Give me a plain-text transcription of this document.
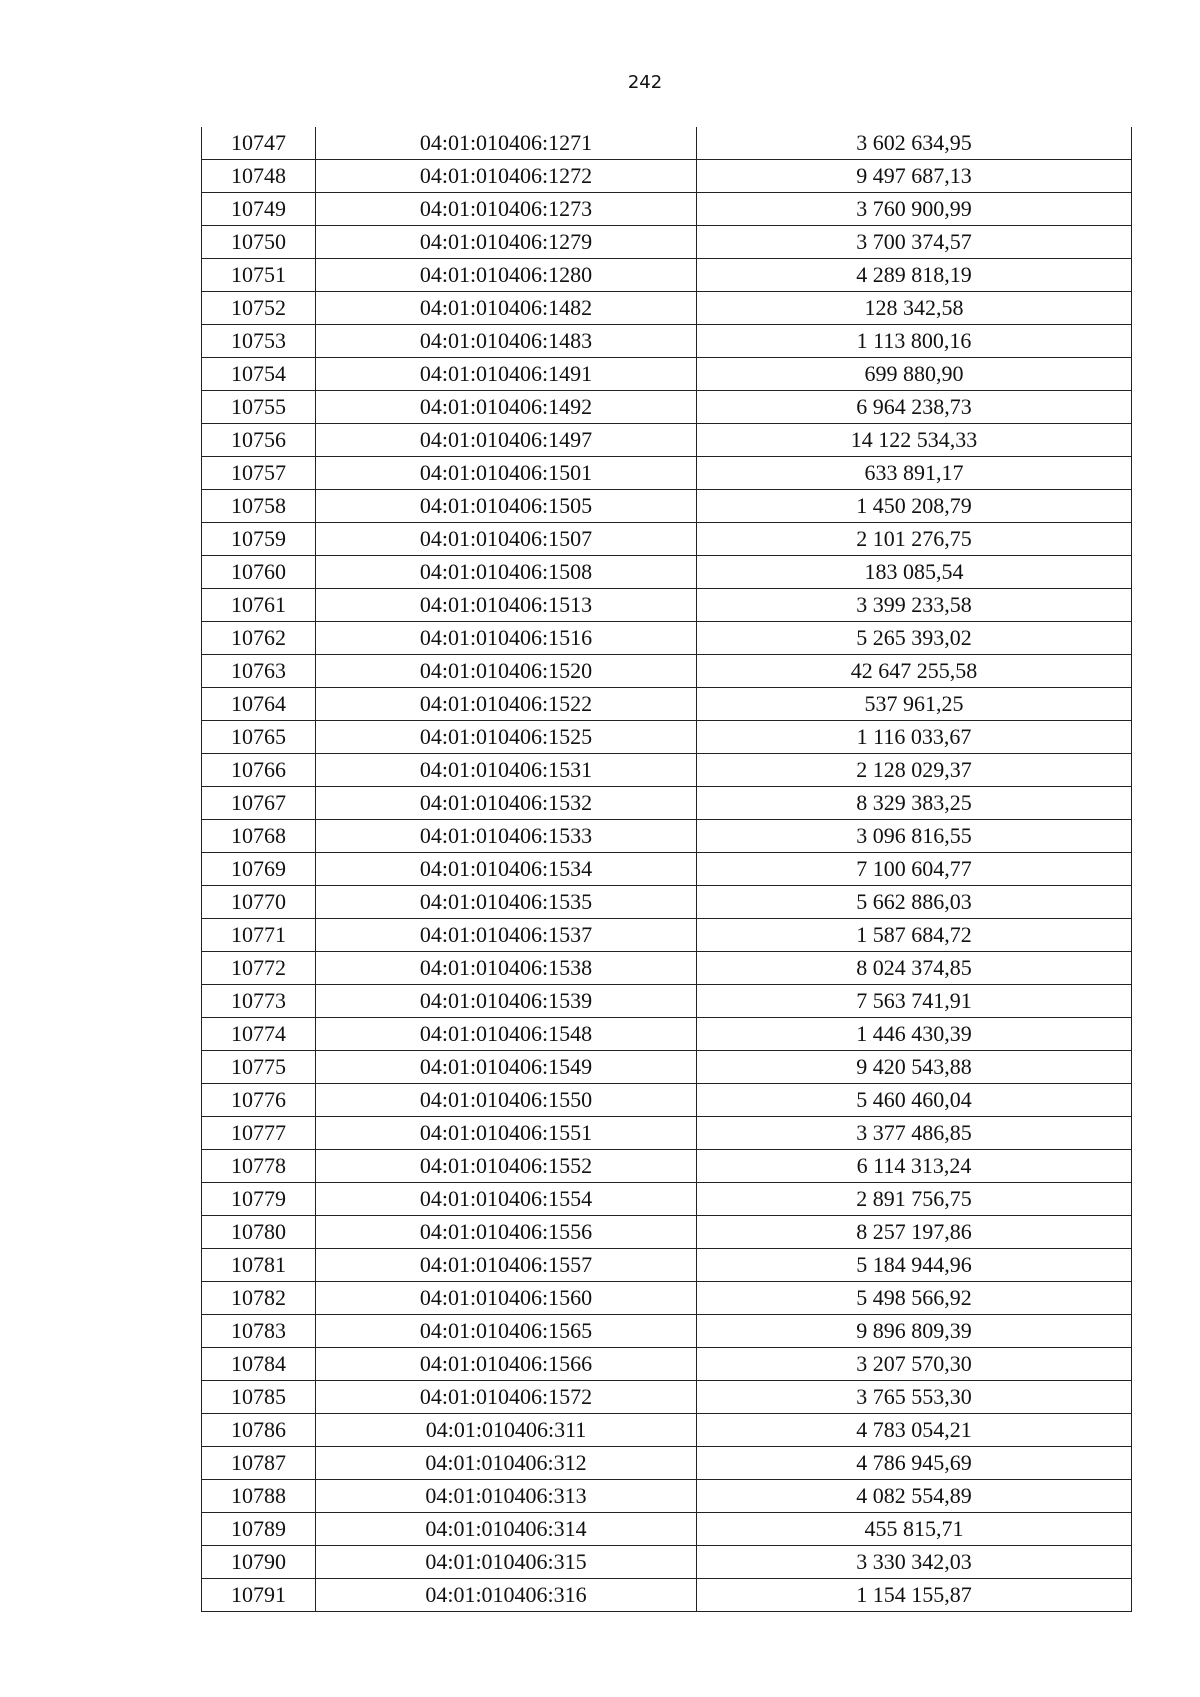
242
10747	04:01:010406:1271	3 602 634,95
10748	04:01:010406:1272	9 497 687,13
10749	04:01:010406:1273	3 760 900,99
10750	04:01:010406:1279	3 700 374,57
10751	04:01:010406:1280	4 289 818,19
10752	04:01:010406:1482	128 342,58
10753	04:01:010406:1483	1 113 800,16
10754	04:01:010406:1491	699 880,90
10755	04:01:010406:1492	6 964 238,73
10756	04:01:010406:1497	14 122 534,33
10757	04:01:010406:1501	633 891,17
10758	04:01:010406:1505	1 450 208,79
10759	04:01:010406:1507	2 101 276,75
10760	04:01:010406:1508	183 085,54
10761	04:01:010406:1513	3 399 233,58
10762	04:01:010406:1516	5 265 393,02
10763	04:01:010406:1520	42 647 255,58
10764	04:01:010406:1522	537 961,25
10765	04:01:010406:1525	1 116 033,67
10766	04:01:010406:1531	2 128 029,37
10767	04:01:010406:1532	8 329 383,25
10768	04:01:010406:1533	3 096 816,55
10769	04:01:010406:1534	7 100 604,77
10770	04:01:010406:1535	5 662 886,03
10771	04:01:010406:1537	1 587 684,72
10772	04:01:010406:1538	8 024 374,85
10773	04:01:010406:1539	7 563 741,91
10774	04:01:010406:1548	1 446 430,39
10775	04:01:010406:1549	9 420 543,88
10776	04:01:010406:1550	5 460 460,04
10777	04:01:010406:1551	3 377 486,85
10778	04:01:010406:1552	6 114 313,24
10779	04:01:010406:1554	2 891 756,75
10780	04:01:010406:1556	8 257 197,86
10781	04:01:010406:1557	5 184 944,96
10782	04:01:010406:1560	5 498 566,92
10783	04:01:010406:1565	9 896 809,39
10784	04:01:010406:1566	3 207 570,30
10785	04:01:010406:1572	3 765 553,30
10786	04:01:010406:311	4 783 054,21
10787	04:01:010406:312	4 786 945,69
10788	04:01:010406:313	4 082 554,89
10789	04:01:010406:314	455 815,71
10790	04:01:010406:315	3 330 342,03
10791	04:01:010406:316	1 154 155,87
